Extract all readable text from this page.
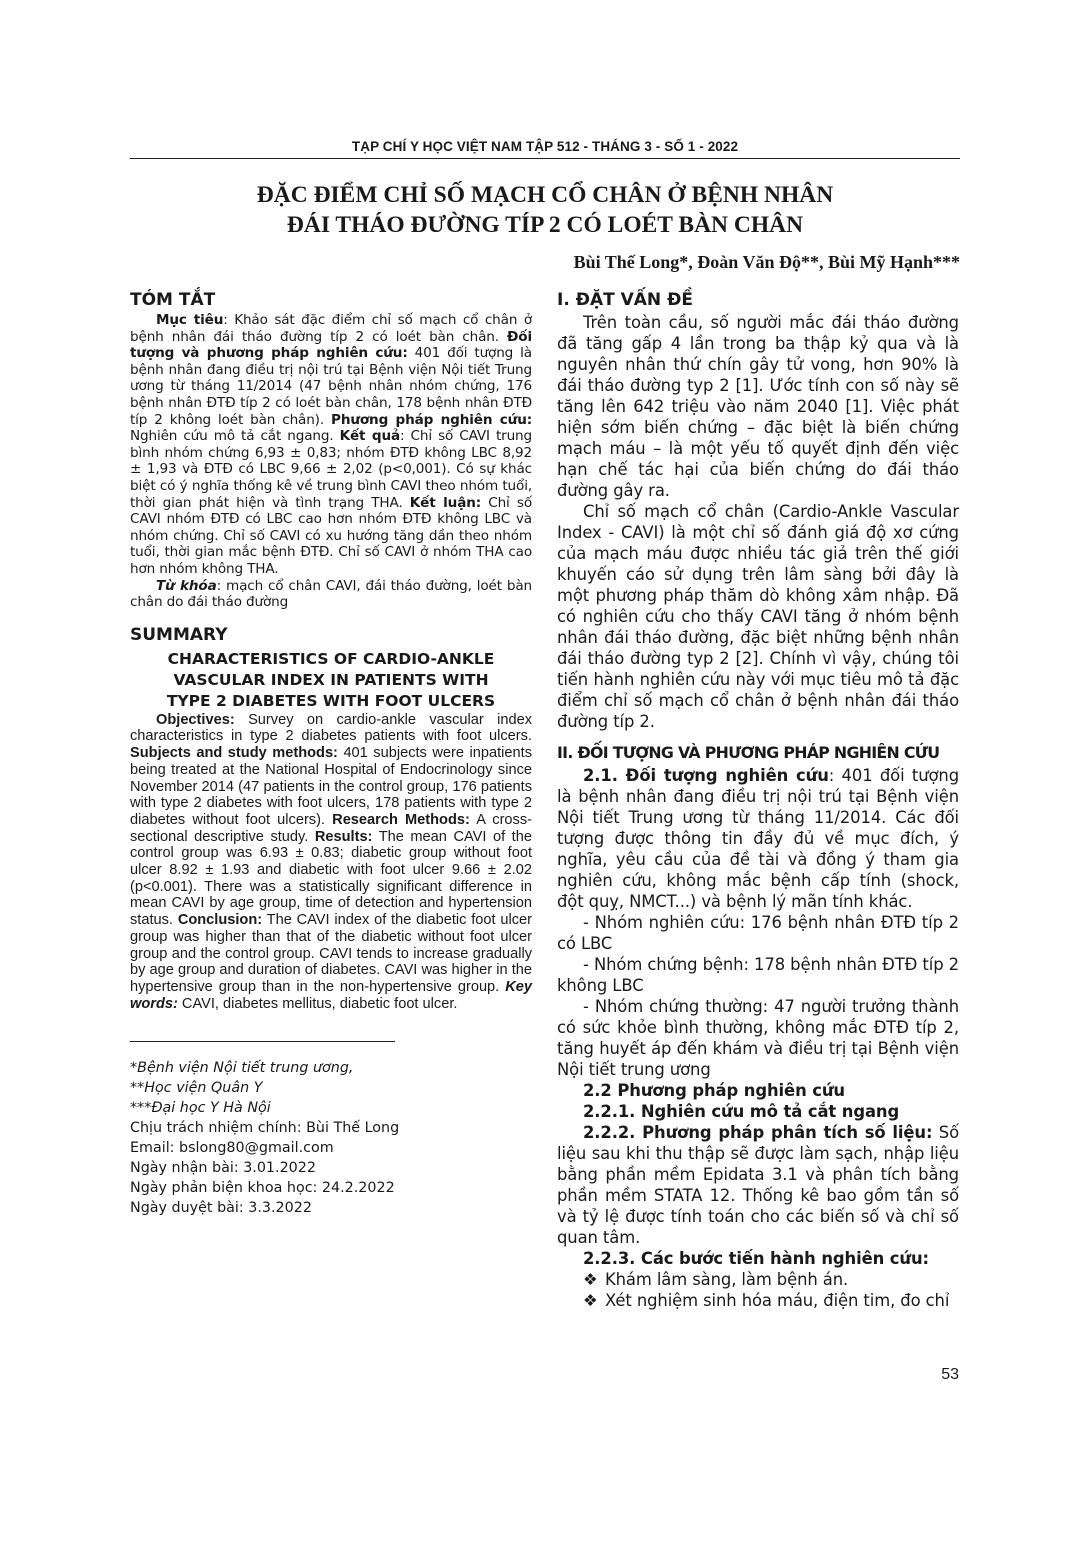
TẠP CHÍ Y HỌC VIỆT NAM TẬP 512 - THÁNG 3 - SỐ 1 - 2022
ĐẶC ĐIỂM CHỈ SỐ MẠCH CỔ CHÂN Ở BỆNH NHÂN
ĐÁI THÁO ĐƯỜNG TÍP 2 CÓ LOÉT BÀN CHÂN
Bùi Thế Long*, Đoàn Văn Độ**, Bùi Mỹ Hạnh***
TÓM TẮT

Mục tiêu: Khảo sát đặc điểm chỉ số mạch cổ chân ở bệnh nhân đái tháo đường típ 2 có loét bàn chân. Đối tượng và phương pháp nghiên cứu: 401 đối tượng là bệnh nhân đang điều trị nội trú tại Bệnh viện Nội tiết Trung ương từ tháng 11/2014 (47 bệnh nhân nhóm chứng, 176 bệnh nhân ĐTĐ típ 2 có loét bàn chân, 178 bệnh nhân ĐTĐ típ 2 không loét bàn chân). Phương pháp nghiên cứu: Nghiên cứu mô tả cắt ngang. Kết quả: Chỉ số CAVI trung bình nhóm chứng 6,93 ± 0,83; nhóm ĐTĐ không LBC 8,92 ± 1,93 và ĐTĐ có LBC 9,66 ± 2,02 (p<0,001). Có sự khác biệt có ý nghĩa thống kê về trung bình CAVI theo nhóm tuổi, thời gian phát hiện và tình trạng THA. Kết luận: Chỉ số CAVI nhóm ĐTĐ có LBC cao hơn nhóm ĐTĐ không LBC và nhóm chứng. Chỉ số CAVI có xu hướng tăng dần theo nhóm tuổi, thời gian mắc bệnh ĐTĐ. Chỉ số CAVI ở nhóm THA cao hơn nhóm không THA.

Từ khóa: mạch cổ chân CAVI, đái tháo đường, loét bàn chân do đái tháo đường

SUMMARY
CHARACTERISTICS OF CARDIO-ANKLE
VASCULAR INDEX IN PATIENTS WITH
TYPE 2 DIABETES WITH FOOT ULCERS

Objectives: Survey on cardio-ankle vascular index characteristics in type 2 diabetes patients with foot ulcers. Subjects and study methods: 401 subjects were inpatients being treated at the National Hospital of Endocrinology since November 2014 (47 patients in the control group, 176 patients with type 2 diabetes with foot ulcers, 178 patients with type 2 diabetes without foot ulcers). Research Methods: A cross-sectional descriptive study. Results: The mean CAVI of the control group was 6.93 ± 0.83; diabetic group without foot ulcer 8.92 ± 1.93 and diabetic with foot ulcer 9.66 ± 2.02 (p<0.001). There was a statistically significant difference in mean CAVI by age group, time of detection and hypertension status. Conclusion: The CAVI index of the diabetic foot ulcer group was higher than that of the diabetic without foot ulcer group and the control group. CAVI tends to increase gradually by age group and duration of diabetes. CAVI was higher in the hypertensive group than in the non-hypertensive group. Key words: CAVI, diabetes mellitus, diabetic foot ulcer.

*Bệnh viện Nội tiết trung ương,
**Học viện Quân Y
***Đại học Y Hà Nội
Chịu trách nhiệm chính: Bùi Thế Long
Email: bslong80@gmail.com
Ngày nhận bài: 3.01.2022
Ngày phản biện khoa học: 24.2.2022
Ngày duyệt bài: 3.3.2022
I. ĐẶT VẤN ĐỀ

Trên toàn cầu, số người mắc đái tháo đường đã tăng gấp 4 lần trong ba thập kỷ qua và là nguyên nhân thứ chín gây tử vong, hơn 90% là đái tháo đường typ 2 [1]. Ước tính con số này sẽ tăng lên 642 triệu vào năm 2040 [1]. Việc phát hiện sớm biến chứng – đặc biệt là biến chứng mạch máu – là một yếu tố quyết định đến việc hạn chế tác hại của biến chứng do đái tháo đường gây ra.

Chỉ số mạch cổ chân (Cardio-Ankle Vascular Index - CAVI) là một chỉ số đánh giá độ xơ cứng của mạch máu được nhiều tác giả trên thế giới khuyến cáo sử dụng trên lâm sàng bởi đây là một phương pháp thăm dò không xâm nhập. Đã có nghiên cứu cho thấy CAVI tăng ở nhóm bệnh nhân đái tháo đường, đặc biệt những bệnh nhân đái tháo đường typ 2 [2]. Chính vì vậy, chúng tôi tiến hành nghiên cứu này với mục tiêu mô tả đặc điểm chỉ số mạch cổ chân ở bệnh nhân đái tháo đường típ 2.

II. ĐỐI TƯỢNG VÀ PHƯƠNG PHÁP NGHIÊN CỨU

2.1. Đối tượng nghiên cứu: 401 đối tượng là bệnh nhân đang điều trị nội trú tại Bệnh viện Nội tiết Trung ương từ tháng 11/2014. Các đối tượng được thông tin đầy đủ về mục đích, ý nghĩa, yêu cầu của đề tài và đồng ý tham gia nghiên cứu, không mắc bệnh cấp tính (shock, đột quỵ, NMCT...) và bệnh lý mãn tính khác.

- Nhóm nghiên cứu: 176 bệnh nhân ĐTĐ típ 2 có LBC

- Nhóm chứng bệnh: 178 bệnh nhân ĐTĐ típ 2 không LBC

- Nhóm chứng thường: 47 người trưởng thành có sức khỏe bình thường, không mắc ĐTĐ típ 2, tăng huyết áp đến khám và điều trị tại Bệnh viện Nội tiết trung ương

2.2 Phương pháp nghiên cứu
2.2.1. Nghiên cứu mô tả cắt ngang

2.2.2. Phương pháp phân tích số liệu: Số liệu sau khi thu thập sẽ được làm sạch, nhập liệu bằng phần mềm Epidata 3.1 và phân tích bằng phần mềm STATA 12. Thống kê bao gồm tần số và tỷ lệ được tính toán cho các biến số và chỉ số quan tâm.

2.2.3. Các bước tiến hành nghiên cứu:
❖ Khám lâm sàng, làm bệnh án.
❖ Xét nghiệm sinh hóa máu, điện tim, đo chỉ
53
